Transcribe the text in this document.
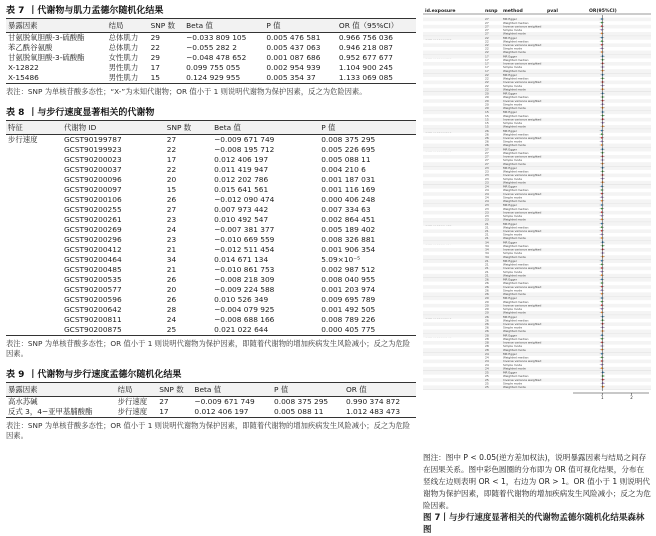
表 7 丨代谢物与肌力孟德尔随机化结果
暴露因素	结局	SNP 数	Beta 值	P 值	OR 值（95%CI）
甘氨脱氧胆酸-3-硫酸酯	总体肌力	29	−0.033 809 105	0.005 476 581	0.966 756 036
苯乙酰谷氨酸	总体肌力	22	−0.055 282 2	0.005 437 063	0.946 218 087
甘氨脱氧胆酸-3-硫酸酯	女性肌力	29	−0.048 478 652	0.001 087 686	0.952 677 677
X-12822	男性肌力	17	0.099 755 055	0.002 954 939	1.104 900 245
X-15486	男性肌力	15	0.124 929 955	0.005 354 37	1.133 069 085
表注：SNP 为单核苷酸多态性；“X-”为未知代谢物；OR 值小于 1 则说明代谢物为保护因素，反之为危险因素。
表 8 丨与步行速度显著相关的代谢物
特征	代谢物 ID	SNP 数	Beta 值	P 值
步行速度	GCST90199787	27	−0.009 671 749	0.008 375 295
	GCST90199923	22	−0.008 195 712	0.005 226 695
	GCST90200023	17	0.012 406 197	0.005 088 11
	GCST90200037	22	0.011 419 947	0.004 210 6
	GCST90200096	20	0.012 202 786	0.001 187 031
	GCST90200097	15	0.015 641 561	0.001 116 169
	GCST90200106	26	−0.012 090 474	0.000 406 248
	GCST90200255	27	0.007 973 442	0.007 334 63
	GCST90200261	23	0.010 492 547	0.002 864 451
	GCST90200269	24	−0.007 381 377	0.005 189 402
	GCST90200296	23	−0.010 669 559	0.008 326 881
	GCST90200412	21	−0.012 511 454	0.001 906 354
	GCST90200464	34	0.014 671 134	5.09×10⁻⁵
	GCST90200485	21	−0.010 861 753	0.002 987 512
	GCST90200535	26	−0.008 218 309	0.008 040 955
	GCST90200577	20	−0.009 224 588	0.001 203 974
	GCST90200596	26	0.010 526 349	0.009 695 789
	GCST90200642	28	−0.004 079 925	0.001 492 505
	GCST90200811	24	−0.008 688 166	0.008 789 226
	GCST90200875	25	0.021 022 644	0.000 405 775
表注：SNP 为单核苷酸多态性；OR 值小于 1 则说明代谢物为保护因素，即随着代谢物的增加疾病发生风险减小；反之为危险因素。
表 9 丨代谢物与步行速度孟德尔随机化结果
暴露因素	结局	SNP 数	Beta 值	P 值	OR 值
高水苏碱	步行速度	27	−0.009 671 749	0.008 375 295	0.990 374 872
反式 3，4−亚甲基脯酸酯	步行速度	17	0.012 406 197	0.005 088 11	1.012 483 473
表注：SNP 为单核苷酸多态性；OR 值小于 1 则说明代谢物为保护因素，即随着代谢物的增加疾病发生风险减小；反之为危险因素。
id.exposure	nsnp method	pval	OR(95%CI)
27	MR Egger
27	Weighted median
27	Inverse variance weighted
27	Simple mode
27	Weighted mode
22	MR Egger
22	Weighted median
22	Inverse variance weighted
22	Simple mode
22	Weighted mode
17	MR Egger
17	Weighted median
17	Inverse variance weighted
17	Simple mode
17	Weighted mode
22	MR Egger
22	Weighted median
22	Inverse variance weighted
22	Simple mode
22	Weighted mode
20	MR Egger
20	Weighted median
20	Inverse variance weighted
20	Simple mode
20	Weighted mode
15	MR Egger
15	Weighted median
15	Inverse variance weighted
15	Simple mode
15	Weighted mode
26	MR Egger
26	Weighted median
26	Inverse variance weighted
26	Simple mode
26	Weighted mode
27	MR Egger
27	Weighted median
27	Inverse variance weighted
27	Simple mode
27	Weighted mode
23	MR Egger
23	Weighted median
23	Inverse variance weighted
23	Simple mode
23	Weighted mode
24	MR Egger
24	Weighted median
24	Inverse variance weighted
24	Simple mode
24	Weighted mode
23	MR Egger
23	Weighted median
23	Inverse variance weighted
23	Simple mode
23	Weighted mode
21	MR Egger
21	Weighted median
21	Inverse variance weighted
21	Simple mode
21	Weighted mode
34	MR Egger
34	Weighted median
34	Inverse variance weighted
34	Simple mode
34	Weighted mode
21	MR Egger
21	Weighted median
21	Inverse variance weighted
21	Simple mode
21	Weighted mode
26	MR Egger
26	Weighted median
26	Inverse variance weighted
26	Simple mode
26	Weighted mode
20	MR Egger
20	Weighted median
20	Inverse variance weighted
20	Simple mode
20	Weighted mode
26	MR Egger
26	Weighted median
26	Inverse variance weighted
26	Simple mode
26	Weighted mode
28	MR Egger
28	Weighted median
28	Inverse variance weighted
28	Simple mode
28	Weighted mode
24	MR Egger
24	Weighted median
24	Inverse variance weighted
24	Simple mode
24	Weighted mode
25	MR Egger
25	Weighted median
25	Inverse variance weighted
25	Simple mode
25	Weighted mode
1	2
图注：图中 P < 0.05(逆方差加权法)，说明暴露因素与结局之间存在因果关系。图中彩色圆圈的分布即为 OR 值可视化结果，分布在竖线左边则表明 OR < 1，右边为 OR > 1。OR 值小于 1 则说明代谢物为保护因素，即随着代谢物的增加疾病发生风险减小；反之为危险因素。
图 7丨与步行速度显著相关的代谢物孟德尔随机化结果森林图
